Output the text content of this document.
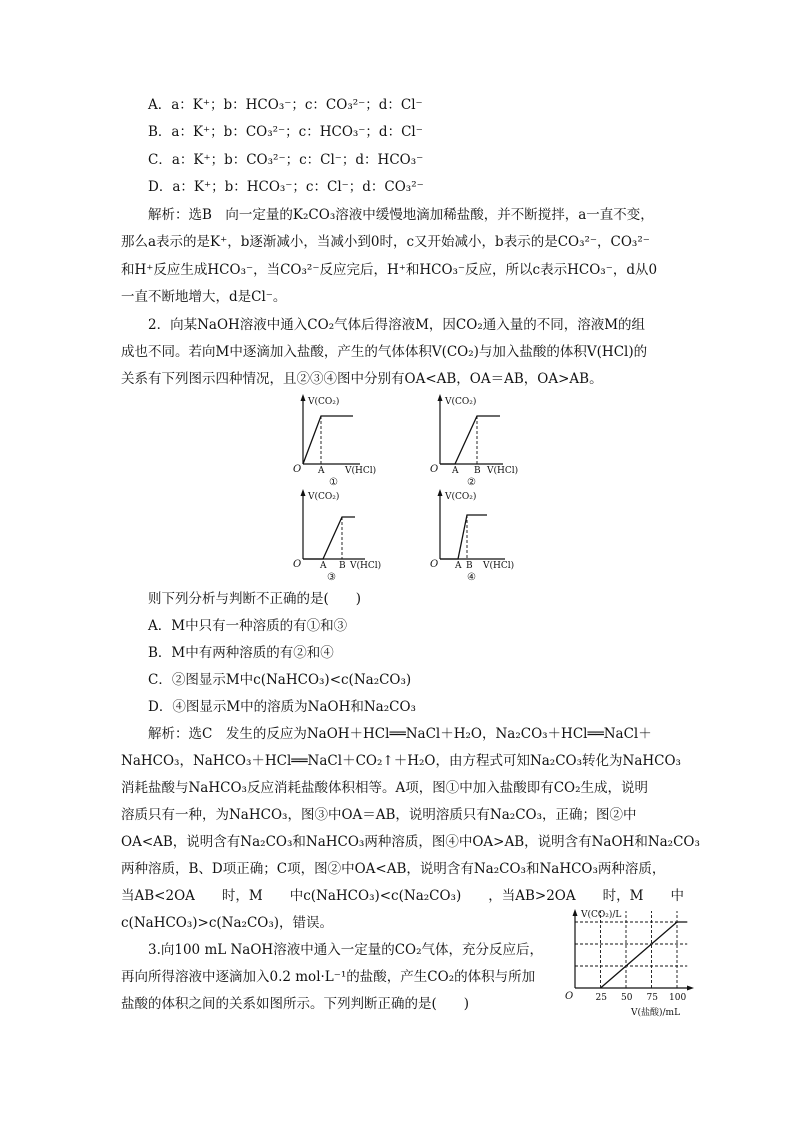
A．a：K⁺；b：HCO₃⁻；c：CO₃²⁻；d：Cl⁻
B．a：K⁺；b：CO₃²⁻；c：HCO₃⁻；d：Cl⁻
C．a：K⁺；b：CO₃²⁻；c：Cl⁻；d：HCO₃⁻
D．a：K⁺；b：HCO₃⁻；c：Cl⁻；d：CO₃²⁻
解析：选B　向一定量的K₂CO₃溶液中缓慢地滴加稀盐酸，并不断搅拌，a一直不变，
那么a表示的是K⁺，b逐渐减小，当减小到0时，c又开始减小，b表示的是CO₃²⁻，CO₃²⁻
和H⁺反应生成HCO₃⁻，当CO₃²⁻反应完后，H⁺和HCO₃⁻反应，所以c表示HCO₃⁻，d从0
一直不断地增大，d是Cl⁻。
2．向某NaOH溶液中通入CO₂气体后得溶液M，因CO₂通入量的不同，溶液M的组
成也不同。若向M中逐滴加入盐酸，产生的气体体积V(CO₂)与加入盐酸的体积V(HCl)的
关系有下列图示四种情况，且②③④图中分别有OA<AB，OA＝AB，OA>AB。
V(CO₂)
O A V(HCl)
①
V(CO₂)
O A B V(HCl)
②
V(CO₂)
O A B V(HCl)
③
V(CO₂)
O A B V(HCl)
④
则下列分析与判断不正确的是(　　)
A．M中只有一种溶质的有①和③
B．M中有两种溶质的有②和④
C．②图显示M中c(NaHCO₃)<c(Na₂CO₃)
D．④图显示M中的溶质为NaOH和Na₂CO₃
解析：选C　发生的反应为NaOH＋HCl══NaCl＋H₂O，Na₂CO₃＋HCl══NaCl＋
NaHCO₃，NaHCO₃＋HCl══NaCl＋CO₂↑＋H₂O，由方程式可知Na₂CO₃转化为NaHCO₃
消耗盐酸与NaHCO₃反应消耗盐酸体积相等。A项，图①中加入盐酸即有CO₂生成，说明
溶质只有一种，为NaHCO₃，图③中OA＝AB，说明溶质只有Na₂CO₃，正确；图②中
OA<AB，说明含有Na₂CO₃和NaHCO₃两种溶质，图④中OA>AB，说明含有NaOH和Na₂CO₃
两种溶质，B、D项正确；C项，图②中OA<AB，说明含有Na₂CO₃和NaHCO₃两种溶质，
当AB<2OA　　时，M　　中c(NaHCO₃)<c(Na₂CO₃)　　，当AB>2OA　　时，M　　中
c(NaHCO₃)>c(Na₂CO₃)，错误。
3.向100 mL NaOH溶液中通入一定量的CO₂气体，充分反应后，
再向所得溶液中逐滴加入0.2 mol·L⁻¹的盐酸，产生CO₂的体积与所加
盐酸的体积之间的关系如图所示。下列判断正确的是(　　)	25 50 75 100
V(CO₂)/L
O
V(盐酸)/mL
